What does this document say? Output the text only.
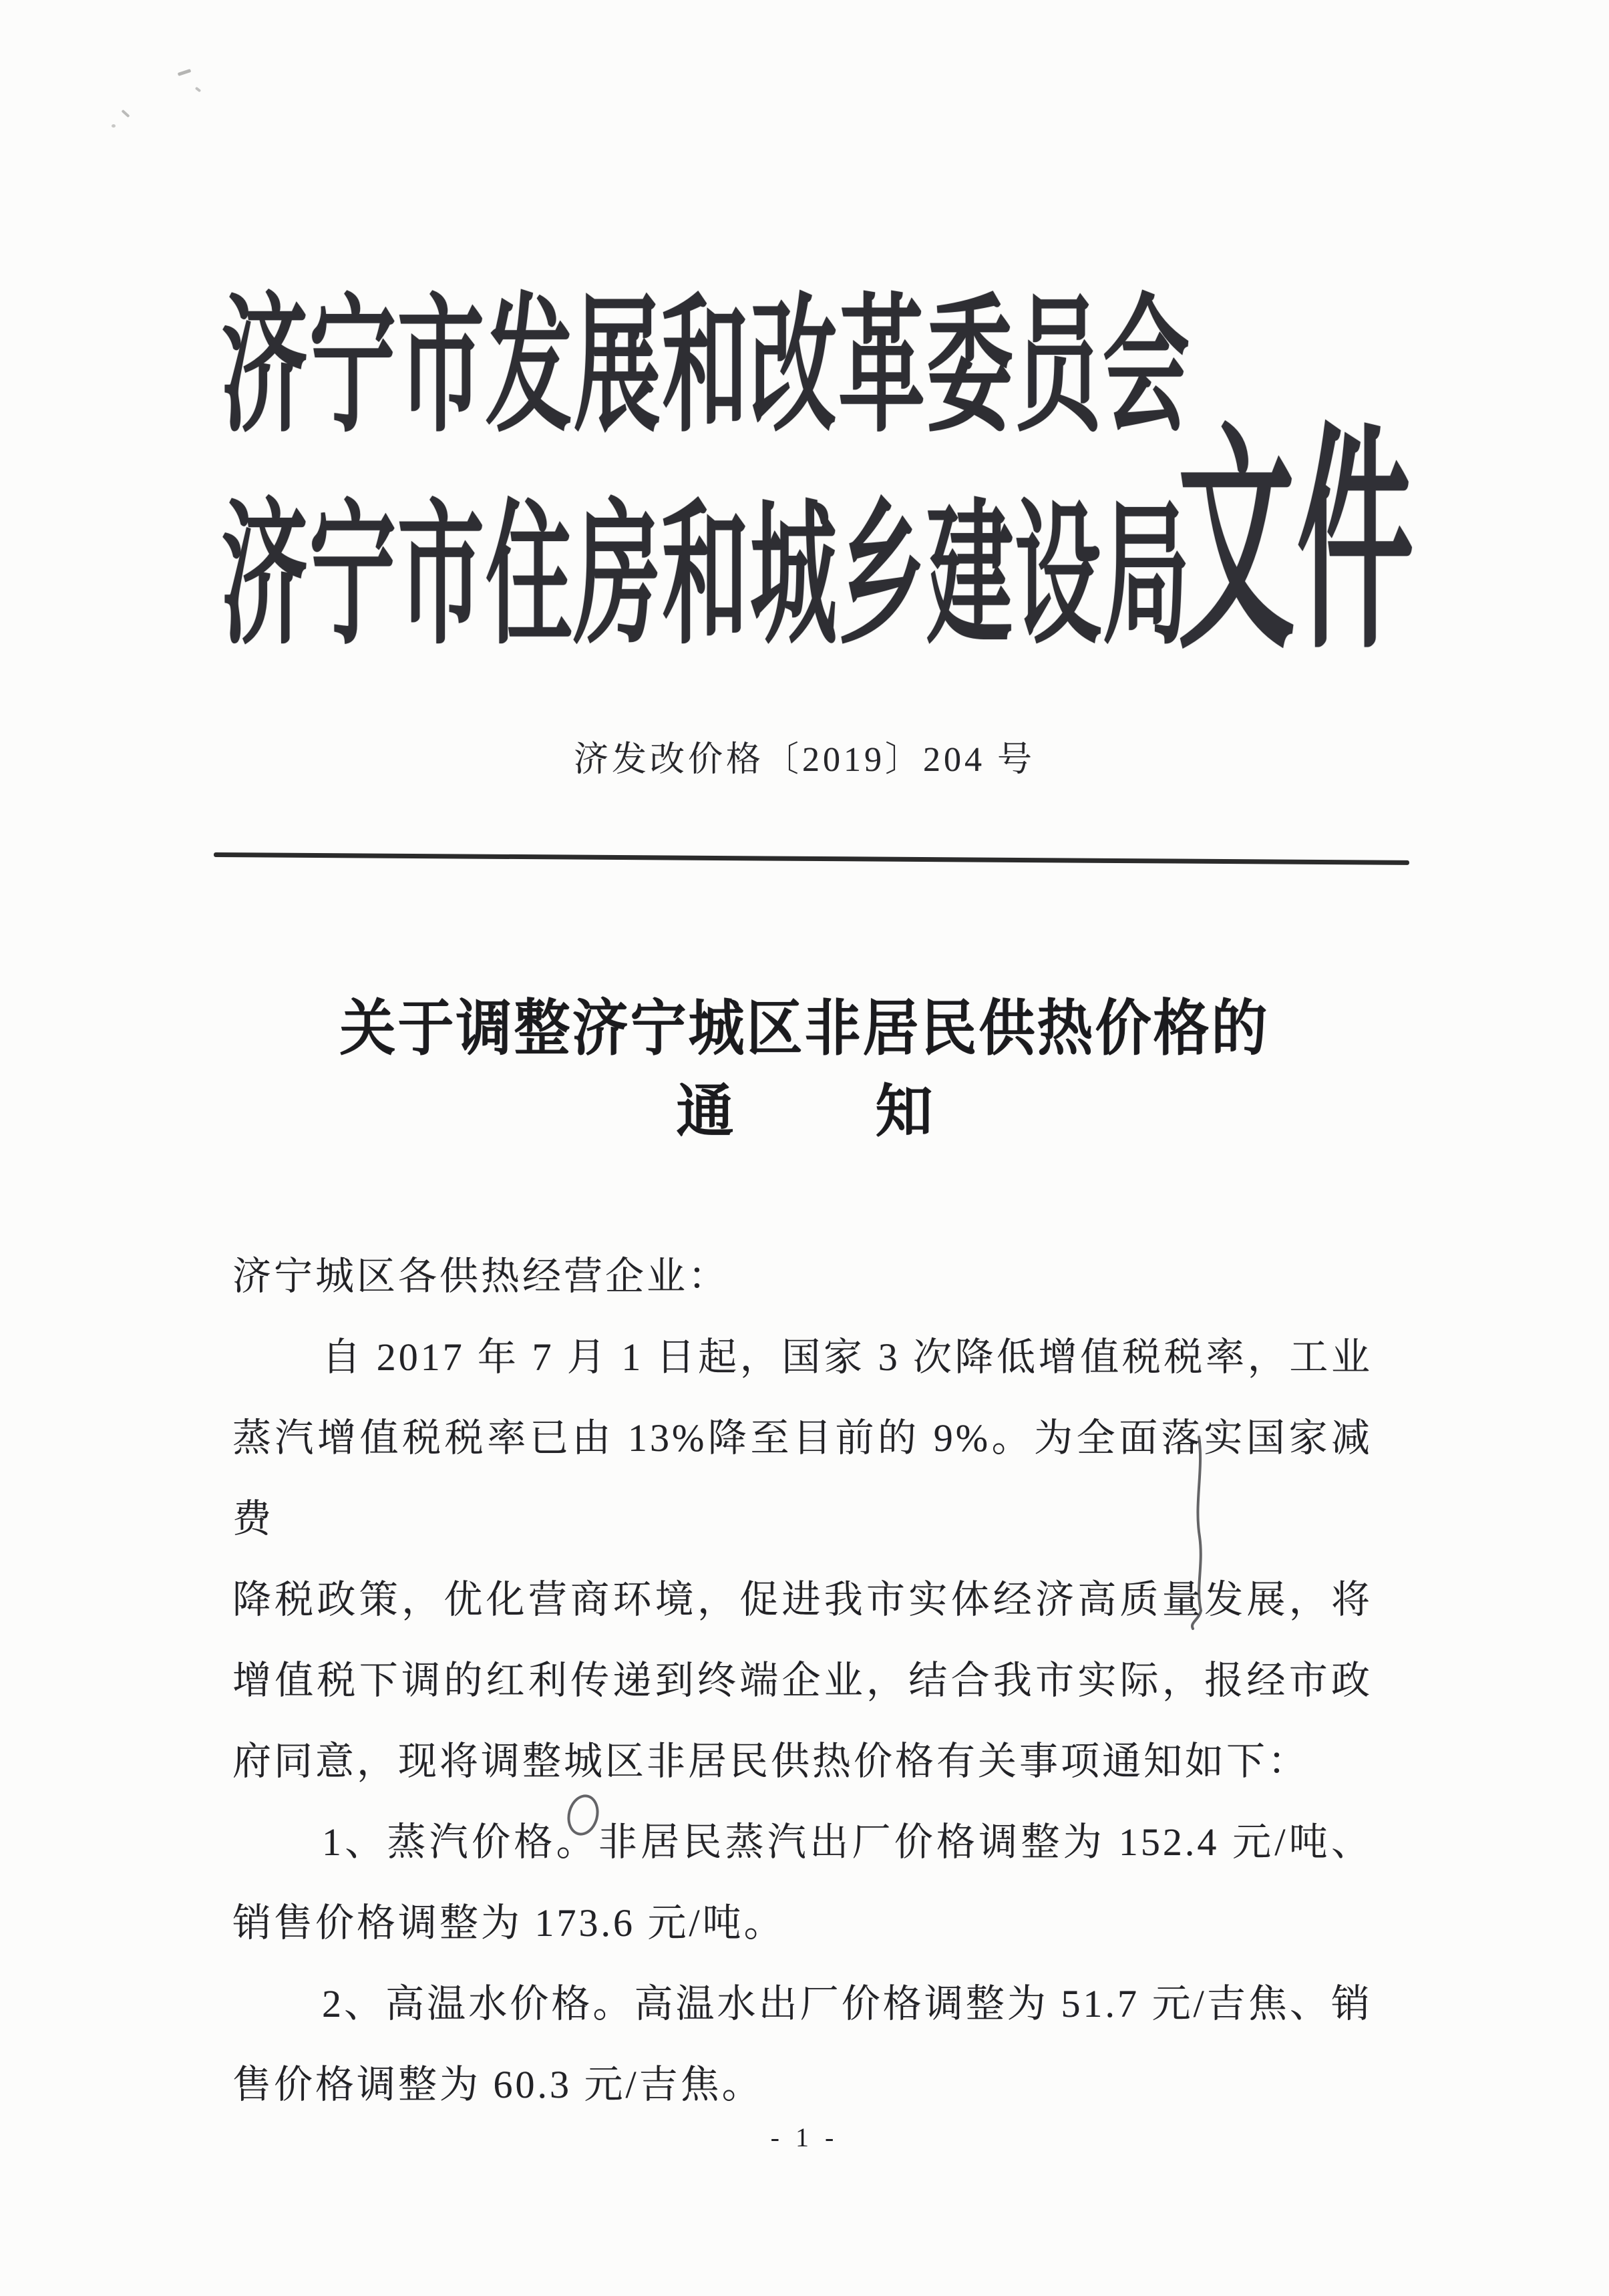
济宁市发展和改革委员会
济宁市住房和城乡建设局
文件
济发改价格〔2019〕204 号
关于调整济宁城区非居民供热价格的
通 知
济宁城区各供热经营企业：
自 2017 年 7 月 1 日起，国家 3 次降低增值税税率，工业
蒸汽增值税税率已由 13%降至目前的 9%。为全面落实国家减费
降税政策，优化营商环境，促进我市实体经济高质量发展，将
增值税下调的红利传递到终端企业，结合我市实际，报经市政
府同意，现将调整城区非居民供热价格有关事项通知如下：
1、蒸汽价格。非居民蒸汽出厂价格调整为 152.4 元/吨、
销售价格调整为 173.6 元/吨。
2、高温水价格。高温水出厂价格调整为 51.7 元/吉焦、销
售价格调整为 60.3 元/吉焦。
- 1 -
